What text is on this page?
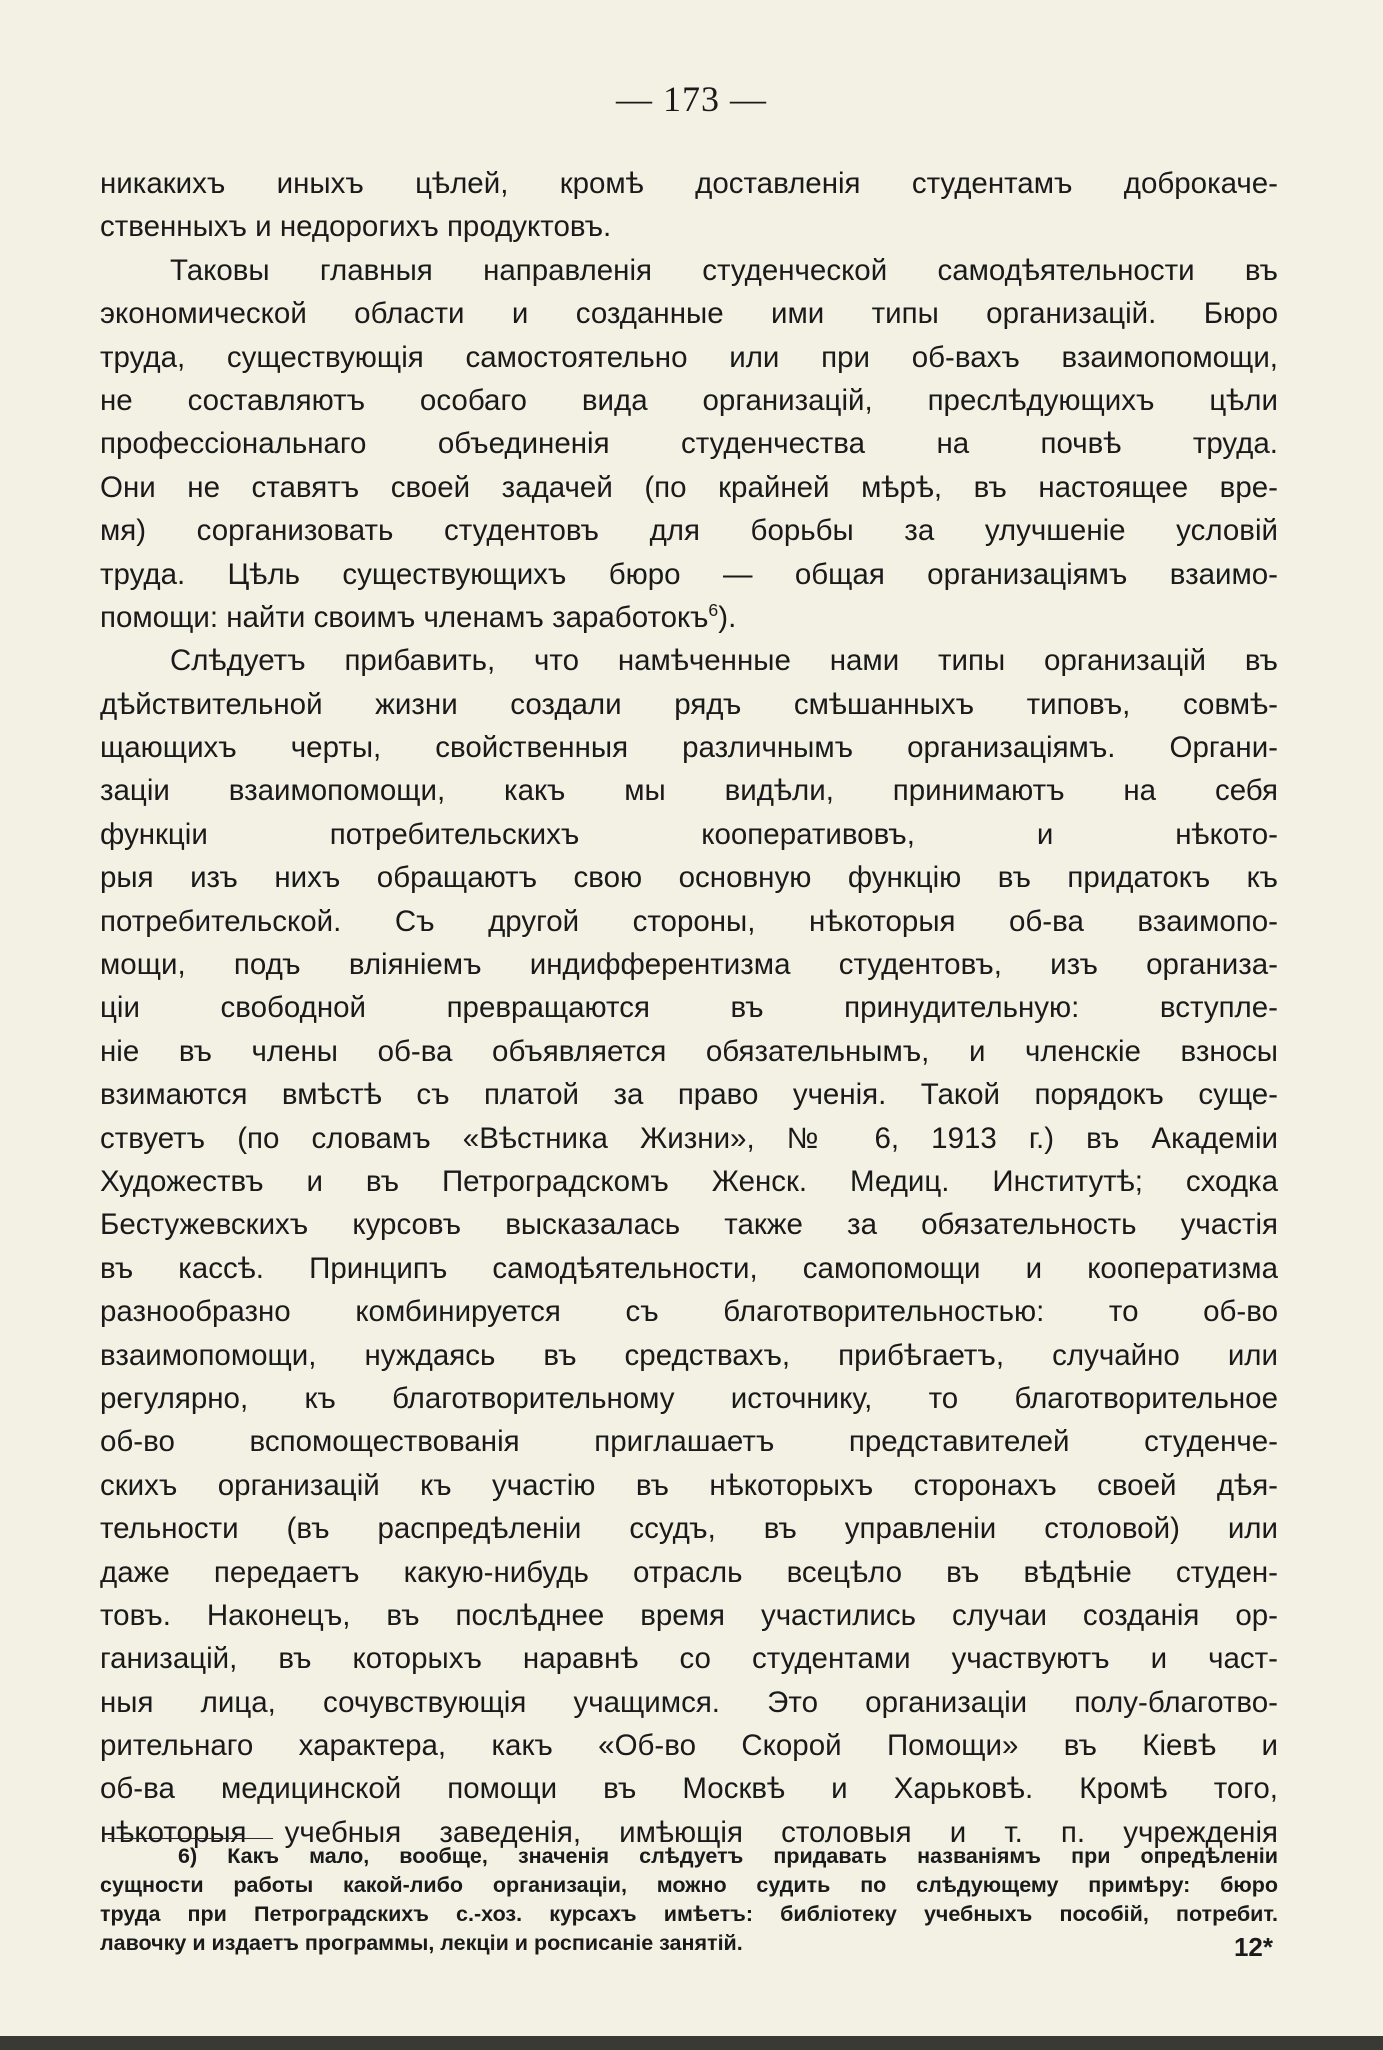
— 173 —
никакихъ иныхъ цѣлей, кромѣ доставленія студентамъ доброкаче-
ственныхъ и недорогихъ продуктовъ.
Таковы главныя направленія студенческой самодѣятельности въ
экономической области и созданные ими типы организацій. Бюро
труда, существующія самостоятельно или при об-вахъ взаимопомощи,
не составляютъ особаго вида организацій, преслѣдующихъ цѣли
профессіональнаго объединенія студенчества на почвѣ труда.
Они не ставятъ своей задачей (по крайней мѣрѣ, въ настоящее вре-
мя) сорганизовать студентовъ для борьбы за улучшеніе условій
труда. Цѣль существующихъ бюро — общая организаціямъ взаимо-
помощи: найти своимъ членамъ заработокъ$^6$).
Слѣдуетъ прибавить, что намѣченные нами типы организацій въ
дѣйствительной жизни создали рядъ смѣшанныхъ типовъ, совмѣ-
щающихъ черты, свойственныя различнымъ организаціямъ. Органи-
заціи взаимопомощи, какъ мы видѣли, принимаютъ на себя
функціи потребительскихъ кооперативовъ, и нѣкото-
рыя изъ нихъ обращаютъ свою основную функцію въ придатокъ къ
потребительской. Съ другой стороны, нѣкоторыя об-ва взаимопо-
мощи, подъ вліяніемъ индифферентизма студентовъ, изъ организа-
ціи свободной превращаются въ принудительную: вступле-
ніе въ члены об-ва объявляется обязательнымъ, и членскіе взносы
взимаются вмѣстѣ съ платой за право ученія. Такой порядокъ суще-
ствуетъ (по словамъ «Вѣстника Жизни», № 6, 1913 г.) въ Академіи
Художествъ и въ Петроградскомъ Женск. Медиц. Институтѣ; сходка
Бестужевскихъ курсовъ высказалась также за обязательность участія
въ кассѣ. Принципъ самодѣятельности, самопомощи и кооператизма
разнообразно комбинируется съ благотворительностью: то об-во
взаимопомощи, нуждаясь въ средствахъ, прибѣгаетъ, случайно или
регулярно, къ благотворительному источнику, то благотворительное
об-во вспомоществованія приглашаетъ представителей студенче-
скихъ организацій къ участію въ нѣкоторыхъ сторонахъ своей дѣя-
тельности (въ распредѣленіи ссудъ, въ управленіи столовой) или
даже передаетъ какую-нибудь отрасль всецѣло въ вѣдѣніе студен-
товъ. Наконецъ, въ послѣднее время участились случаи созданія ор-
ганизацій, въ которыхъ наравнѣ со студентами участвуютъ и част-
ныя лица, сочувствующія учащимся. Это организаціи полу-благотво-
рительнаго характера, какъ «Об-во Скорой Помощи» въ Кіевѣ и
об-ва медицинской помощи въ Москвѣ и Харьковѣ. Кромѣ того,
нѣкоторыя учебныя заведенія, имѣющія столовыя и т. п. учрежденія
6) Какъ мало, вообще, значенія слѣдуетъ придавать названіямъ при опредѣленіи
сущности работы какой-либо организаціи, можно судить по слѣдующему примѣру: бюро
труда при Петроградскихъ с.-хоз. курсахъ имѣетъ: библіотеку учебныхъ пособій, потребит.
лавочку и издаетъ программы, лекціи и росписаніе занятій.	12*
